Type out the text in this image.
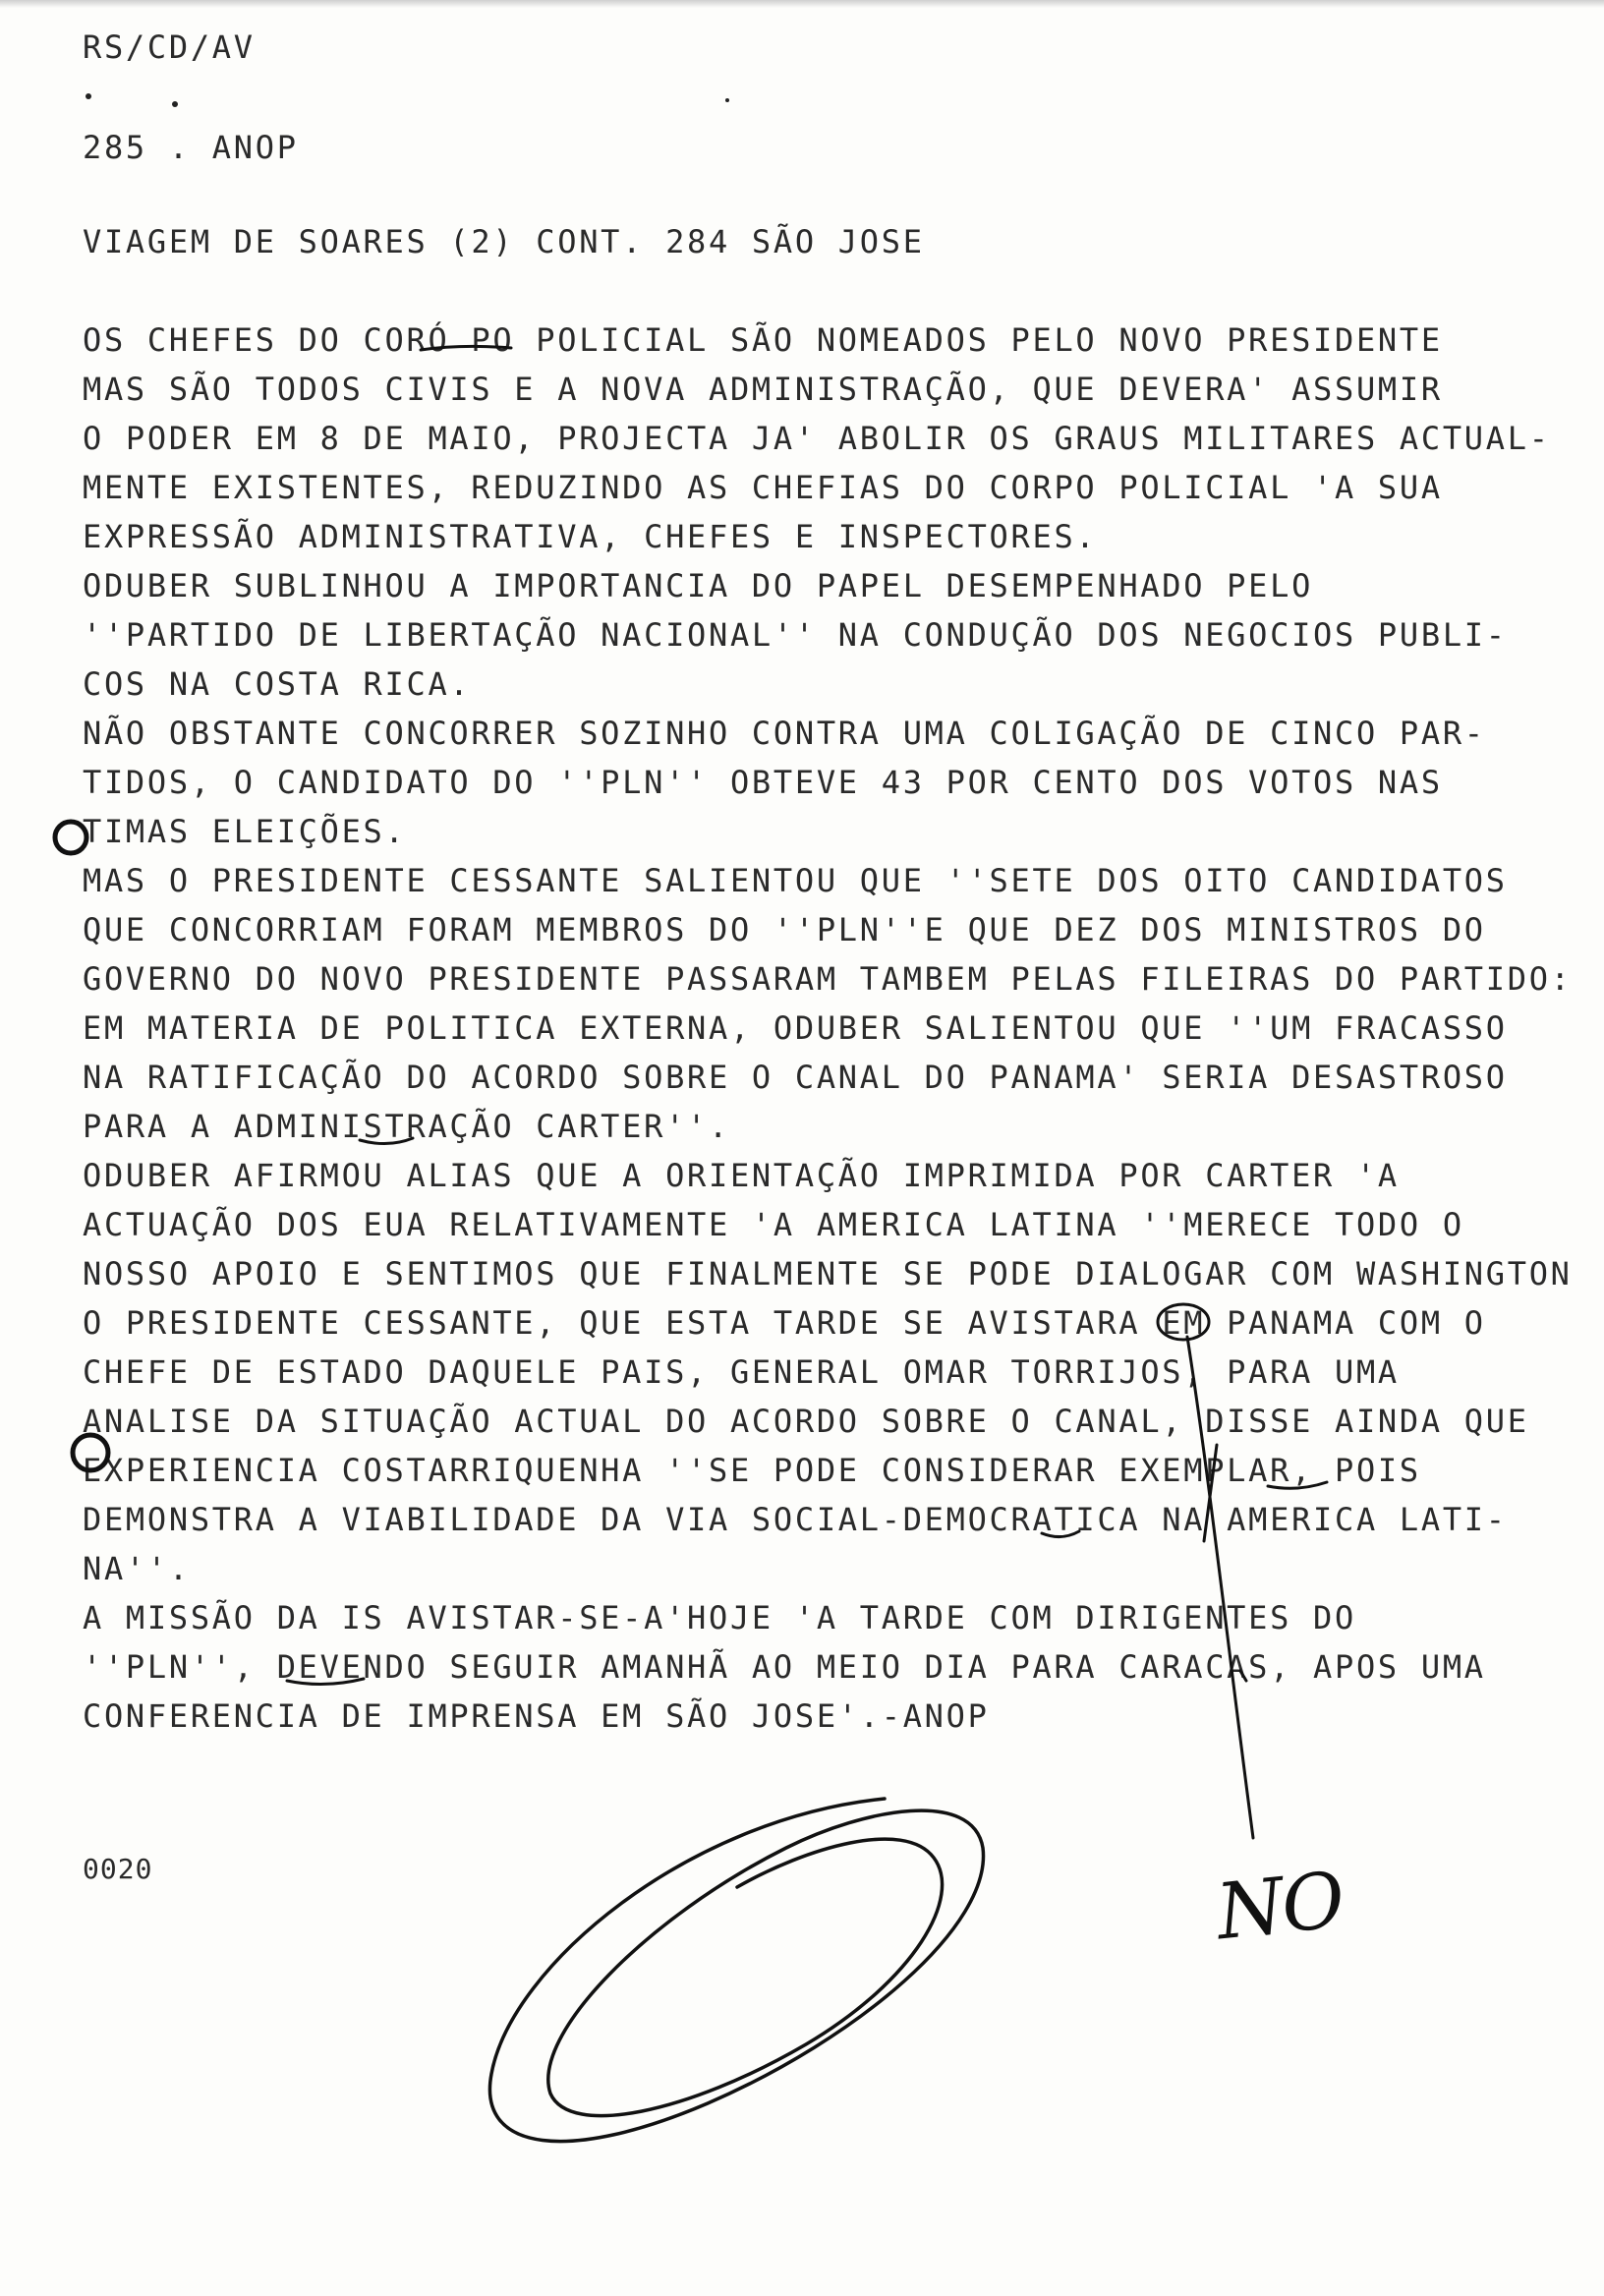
RS/CD/AV
285 . ANOP
VIAGEM DE SOARES (2) CONT. 284 SÃO JOSE
OS CHEFES DO CORÓ PO POLICIAL SÃO NOMEADOS PELO NOVO PRESIDENTE
MAS SÃO TODOS CIVIS E A NOVA ADMINISTRAÇÃO, QUE DEVERA' ASSUMIR
O PODER EM 8 DE MAIO, PROJECTA JA' ABOLIR OS GRAUS MILITARES ACTUAL-
MENTE EXISTENTES, REDUZINDO AS CHEFIAS DO CORPO POLICIAL 'A SUA
EXPRESSÃO ADMINISTRATIVA, CHEFES E INSPECTORES.
ODUBER SUBLINHOU A IMPORTANCIA DO PAPEL DESEMPENHADO PELO
''PARTIDO DE LIBERTAÇÃO NACIONAL'' NA CONDUÇÃO DOS NEGOCIOS PUBLI-
COS NA COSTA RICA.
NÃO OBSTANTE CONCORRER SOZINHO CONTRA UMA COLIGAÇÃO DE CINCO PAR-
TIDOS, O CANDIDATO DO ''PLN'' OBTEVE 43 POR CENTO DOS VOTOS NAS
TIMAS ELEIÇÕES.
MAS O PRESIDENTE CESSANTE SALIENTOU QUE ''SETE DOS OITO CANDIDATOS
QUE CONCORRIAM FORAM MEMBROS DO ''PLN''E QUE DEZ DOS MINISTROS DO
GOVERNO DO NOVO PRESIDENTE PASSARAM TAMBEM PELAS FILEIRAS DO PARTIDO:
EM MATERIA DE POLITICA EXTERNA, ODUBER SALIENTOU QUE ''UM FRACASSO
NA RATIFICAÇÃO DO ACORDO SOBRE O CANAL DO PANAMA' SERIA DESASTROSO
PARA A ADMINISTRAÇÃO CARTER''.
ODUBER AFIRMOU ALIAS QUE A ORIENTAÇÃO IMPRIMIDA POR CARTER 'A
ACTUAÇÃO DOS EUA RELATIVAMENTE 'A AMERICA LATINA ''MERECE TODO O
NOSSO APOIO E SENTIMOS QUE FINALMENTE SE PODE DIALOGAR COM WASHINGTON
O PRESIDENTE CESSANTE, QUE ESTA TARDE SE AVISTARA EM PANAMA COM O
CHEFE DE ESTADO DAQUELE PAIS, GENERAL OMAR TORRIJOS, PARA UMA
ANALISE DA SITUAÇÃO ACTUAL DO ACORDO SOBRE O CANAL, DISSE AINDA QUE
EXPERIENCIA COSTARRIQUENHA ''SE PODE CONSIDERAR EXEMPLAR, POIS
DEMONSTRA A VIABILIDADE DA VIA SOCIAL-DEMOCRATICA NA AMERICA LATI-
NA''.
A MISSÃO DA IS AVISTAR-SE-A'HOJE 'A TARDE COM DIRIGENTES DO
''PLN'', DEVENDO SEGUIR AMANHÃ AO MEIO DIA PARA CARACAS, APOS UMA
CONFERENCIA DE IMPRENSA EM SÃO JOSE'.-ANOP
0020	NO
